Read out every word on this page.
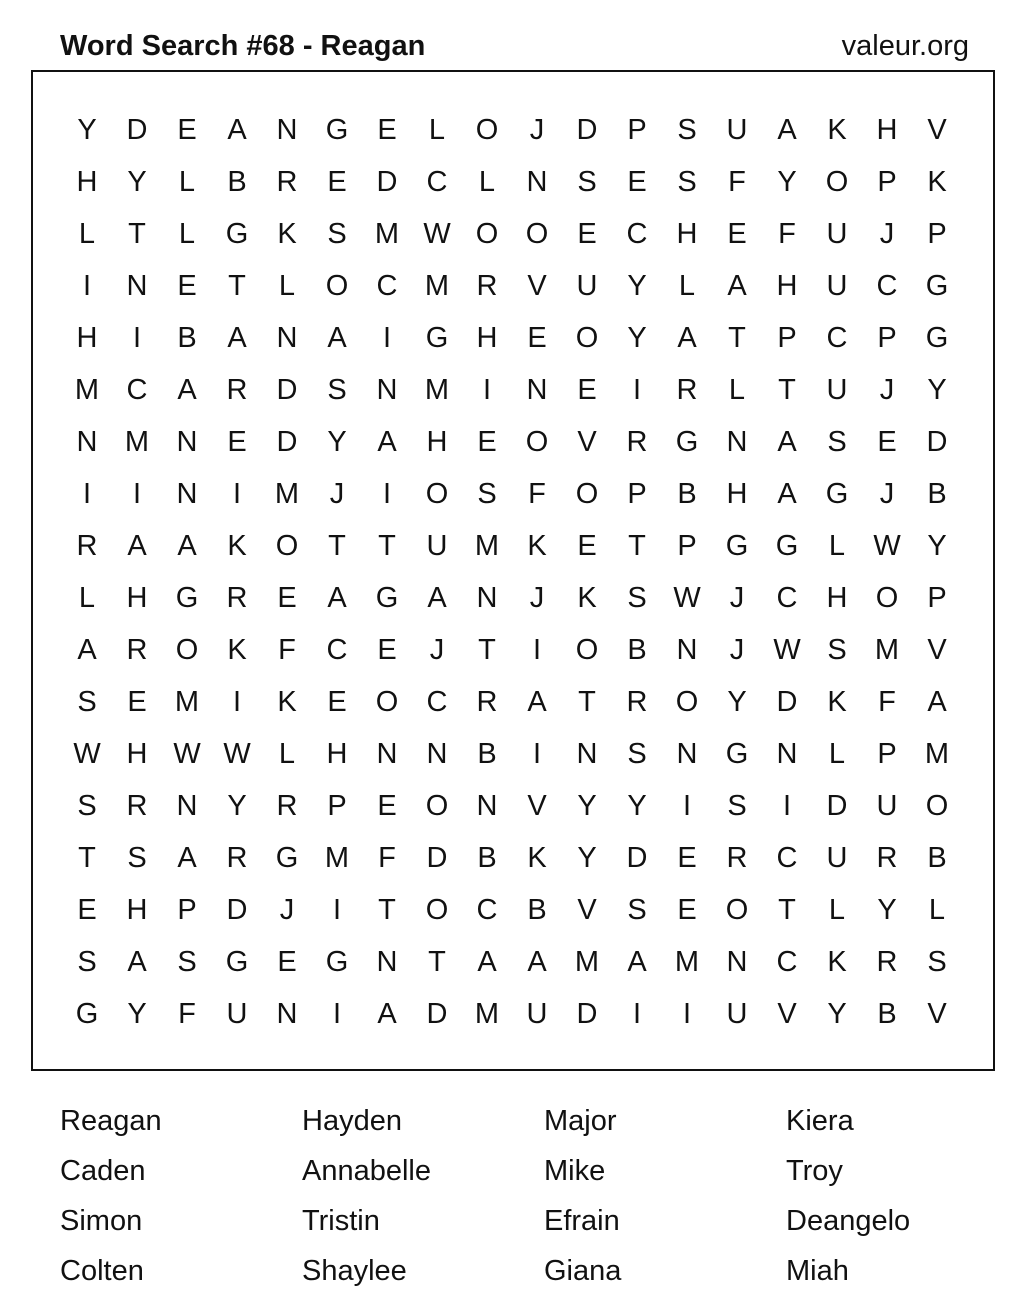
Word Search #68 - Reagan	valeur.org
Y	D	E	A	N G	E	L	O	J	D	P	S	U	A	K	H	V
H	Y	L	B	R	E	D	C	L	N	S	E	S	F	Y	O	P	K
L	T	L	G	K	S M W O O	E	C	H	E	F	U	J	P
I	N	E	T	L	O C M R	V	U	Y	L	A	H	U	C G
H	I	B	A	N	A	I	G H	E	O	Y	A	T	P	C	P	G
M C	A	R	D	S	N M	I	N	E	I	R	L	T	U	J	Y
N M N	E	D	Y	A	H	E	O	V	R G N	A	S	E	D
I	I	N	I	M	J	I	O	S	F	O	P	B	H	A	G	J	B
R	A	A	K	O	T	T	U M K	E	T	P	G G	L W Y
L	H G R	E	A	G	A	N	J	K	S W	J	C	H O	P
A	R O	K	F	C	E	J	T	I	O	B	N	J	W S M V
S	E M	I	K	E	O C	R	A	T	R O	Y	D	K	F	A
W H W W L	H	N	N	B	I	N	S	N G N	L	P M
S	R	N	Y	R	P	E	O N	V	Y	Y	I	S	I	D	U O
T	S	A	R G M	F	D	B	K	Y	D	E	R	C	U	R	B
E	H	P	D	J	I	T	O C	B	V	S	E	O	T	L	Y	L
S	A	S	G	E	G N	T	A	A M A M N	C	K	R	S
G	Y	F	U	N	I	A	D M U	D	I	I	U	V	Y	B	V
Reagan	Hayden	Major	Kiera
Caden	Annabelle	Mike	Troy
Simon	Tristin	Efrain	Deangelo
Colten	Shaylee	Giana	Miah
